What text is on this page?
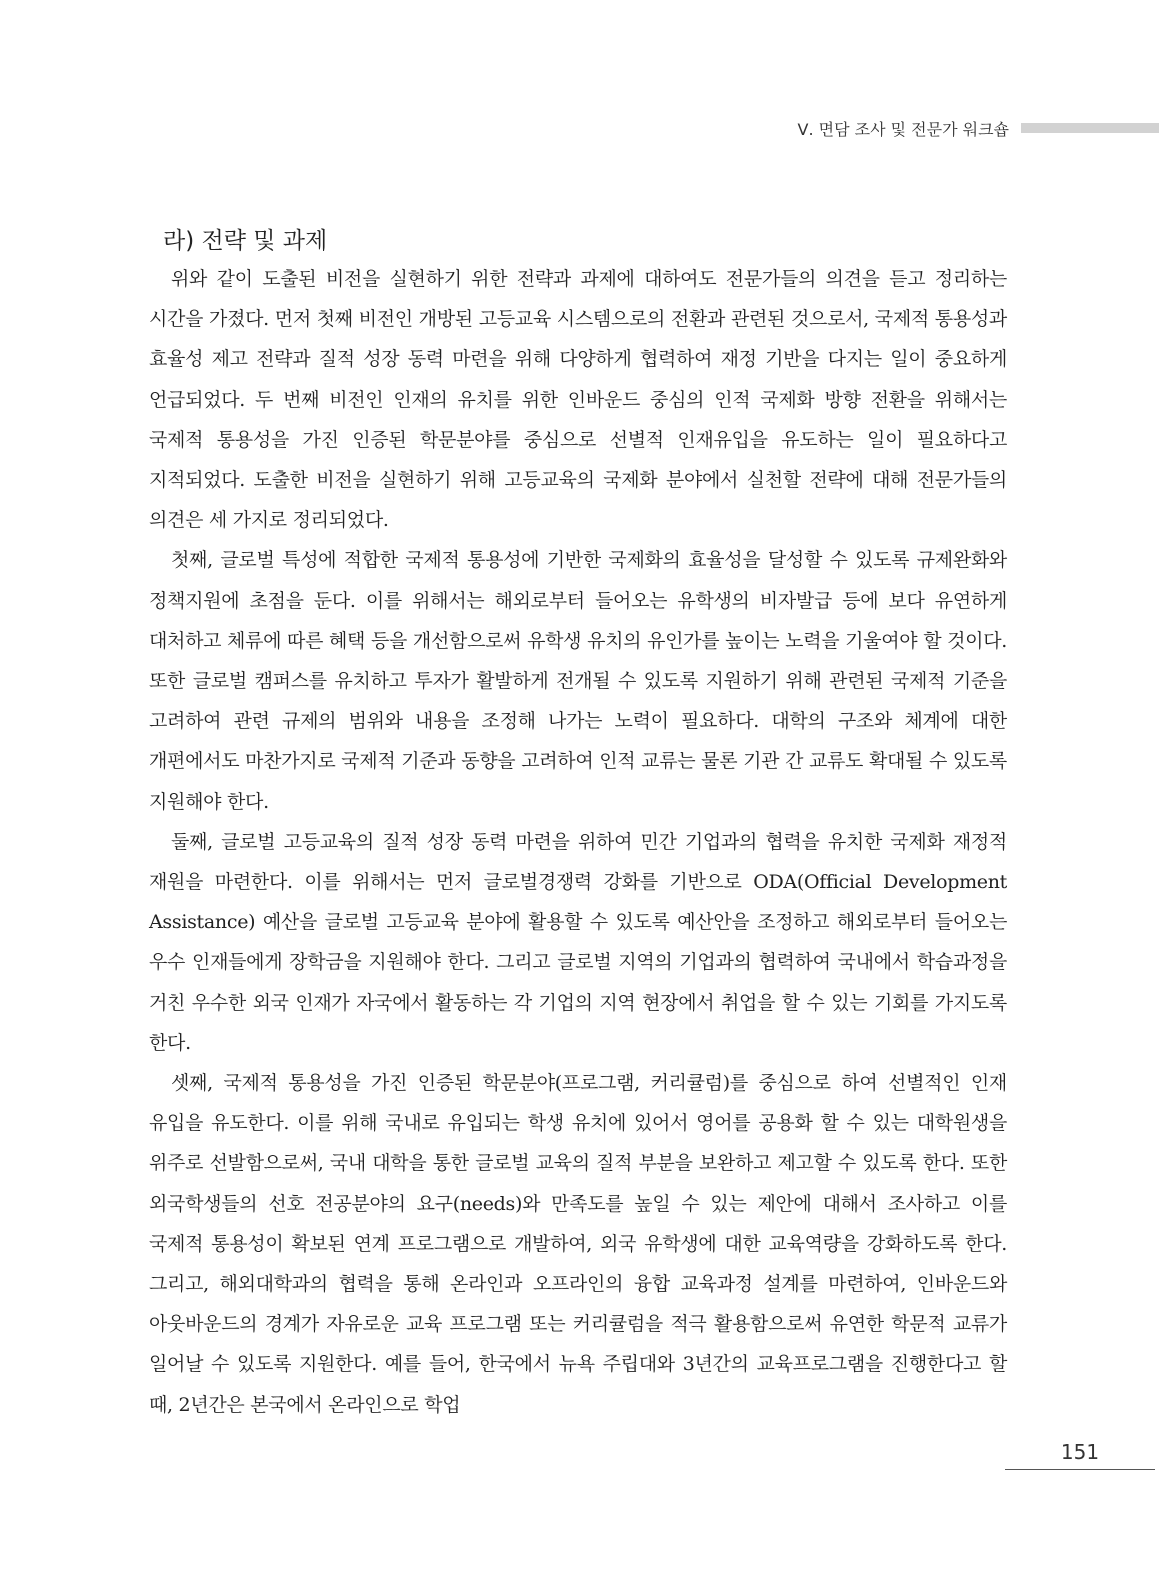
Ⅴ. 면담 조사 및 전문가 워크숍
라) 전략 및 과제

위와 같이 도출된 비전을 실현하기 위한 전략과 과제에 대하여도 전문가들의 의견을 듣고 정리하는 시간을 가졌다. 먼저 첫째 비전인 개방된 고등교육 시스템으로의 전환과 관련된 것으로서, 국제적 통용성과 효율성 제고 전략과 질적 성장 동력 마련을 위해 다양하게 협력하여 재정 기반을 다지는 일이 중요하게 언급되었다. 두 번째 비전인 인재의 유치를 위한 인바운드 중심의 인적 국제화 방향 전환을 위해서는 국제적 통용성을 가진 인증된 학문분야를 중심으로 선별적 인재유입을 유도하는 일이 필요하다고 지적되었다. 도출한 비전을 실현하기 위해 고등교육의 국제화 분야에서 실천할 전략에 대해 전문가들의 의견은 세 가지로 정리되었다.

첫째, 글로벌 특성에 적합한 국제적 통용성에 기반한 국제화의 효율성을 달성할 수 있도록 규제완화와 정책지원에 초점을 둔다. 이를 위해서는 해외로부터 들어오는 유학생의 비자발급 등에 보다 유연하게 대처하고 체류에 따른 혜택 등을 개선함으로써 유학생 유치의 유인가를 높이는 노력을 기울여야 할 것이다. 또한 글로벌 캠퍼스를 유치하고 투자가 활발하게 전개될 수 있도록 지원하기 위해 관련된 국제적 기준을 고려하여 관련 규제의 범위와 내용을 조정해 나가는 노력이 필요하다. 대학의 구조와 체계에 대한 개편에서도 마찬가지로 국제적 기준과 동향을 고려하여 인적 교류는 물론 기관 간 교류도 확대될 수 있도록 지원해야 한다.

둘째, 글로벌 고등교육의 질적 성장 동력 마련을 위하여 민간 기업과의 협력을 유치한 국제화 재정적 재원을 마련한다. 이를 위해서는 먼저 글로벌경쟁력 강화를 기반으로 ODA(Official Development Assistance) 예산을 글로벌 고등교육 분야에 활용할 수 있도록 예산안을 조정하고 해외로부터 들어오는 우수 인재들에게 장학금을 지원해야 한다. 그리고 글로벌 지역의 기업과의 협력하여 국내에서 학습과정을 거친 우수한 외국 인재가 자국에서 활동하는 각 기업의 지역 현장에서 취업을 할 수 있는 기회를 가지도록 한다.

셋째, 국제적 통용성을 가진 인증된 학문분야(프로그램, 커리큘럼)를 중심으로 하여 선별적인 인재 유입을 유도한다. 이를 위해 국내로 유입되는 학생 유치에 있어서 영어를 공용화 할 수 있는 대학원생을 위주로 선발함으로써, 국내 대학을 통한 글로벌 교육의 질적 부분을 보완하고 제고할 수 있도록 한다. 또한 외국학생들의 선호 전공분야의 요구(needs)와 만족도를 높일 수 있는 제안에 대해서 조사하고 이를 국제적 통용성이 확보된 연계 프로그램으로 개발하여, 외국 유학생에 대한 교육역량을 강화하도록 한다. 그리고, 해외대학과의 협력을 통해 온라인과 오프라인의 융합 교육과정 설계를 마련하여, 인바운드와 아웃바운드의 경계가 자유로운 교육 프로그램 또는 커리큘럼을 적극 활용함으로써 유연한 학문적 교류가 일어날 수 있도록 지원한다. 예를 들어, 한국에서 뉴욕 주립대와 3년간의 교육프로그램을 진행한다고 할 때, 2년간은 본국에서 온라인으로 학업

151
